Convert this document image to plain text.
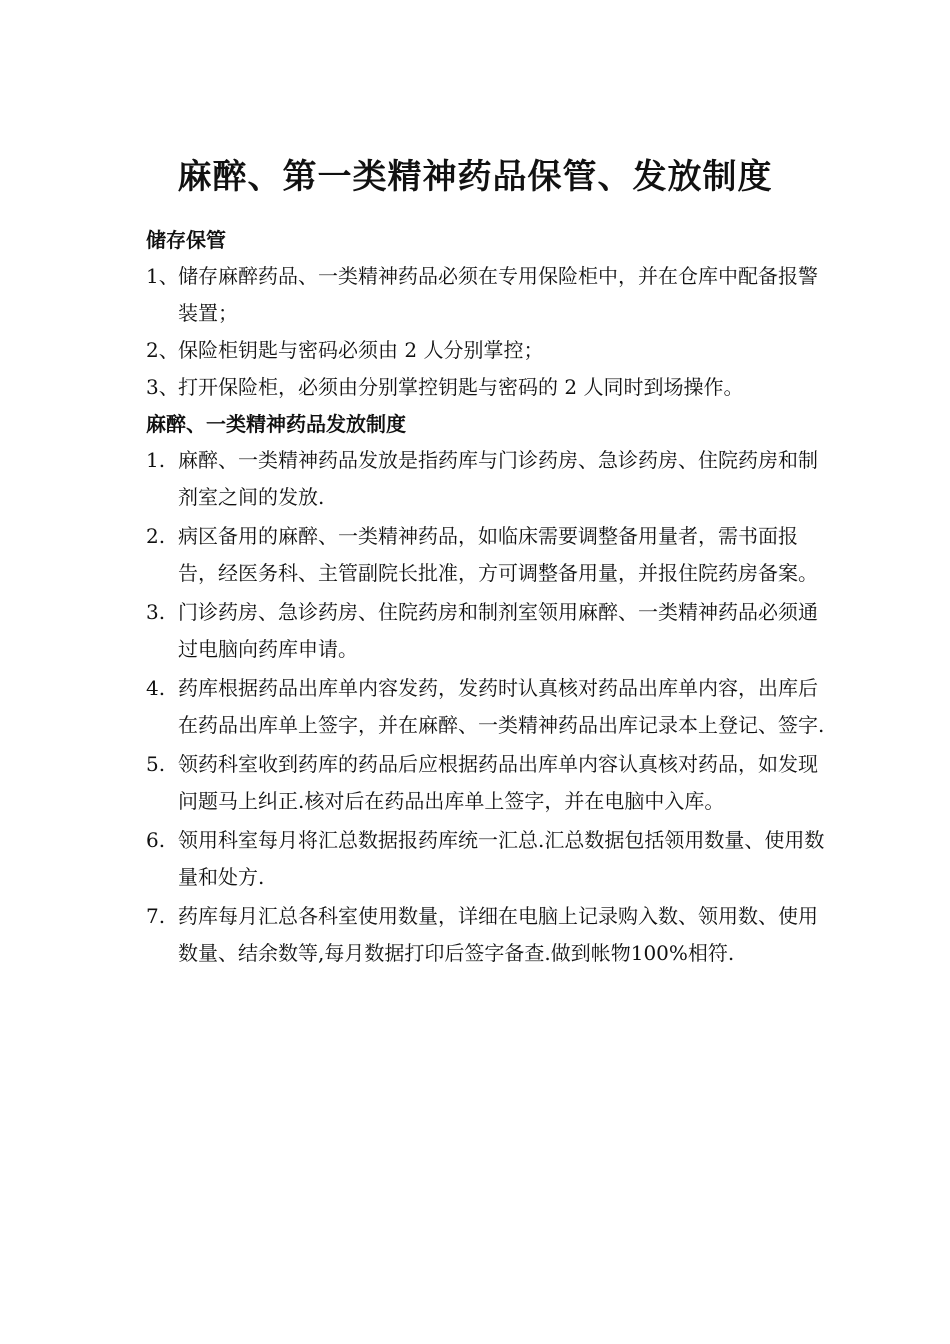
麻醉、第一类精神药品保管、发放制度

储存保管

1、 储存麻醉药品、一类精神药品必须在专用保险柜中，并在仓库中配备报警装置；
2、 保险柜钥匙与密码必须由 2 人分别掌控；
3、 打开保险柜，必须由分别掌控钥匙与密码的 2 人同时到场操作。

麻醉、一类精神药品发放制度

1. 麻醉、一类精神药品发放是指药库与门诊药房、急诊药房、住院药房和制剂室之间的发放.
2. 病区备用的麻醉、一类精神药品，如临床需要调整备用量者，需书面报告，经医务科、主管副院长批准，方可调整备用量，并报住院药房备案。
3. 门诊药房、急诊药房、住院药房和制剂室领用麻醉、一类精神药品必须通过电脑向药库申请。
4. 药库根据药品出库单内容发药，发药时认真核对药品出库单内容，出库后在药品出库单上签字，并在麻醉、一类精神药品出库记录本上登记、签字.
5. 领药科室收到药库的药品后应根据药品出库单内容认真核对药品，如发现问题马上纠正.核对后在药品出库单上签字，并在电脑中入库。
6. 领用科室每月将汇总数据报药库统一汇总.汇总数据包括领用数量、使用数量和处方.
7. 药库每月汇总各科室使用数量，详细在电脑上记录购入数、领用数、使用数量、结余数等,每月数据打印后签字备查.做到帐物100%相符.
